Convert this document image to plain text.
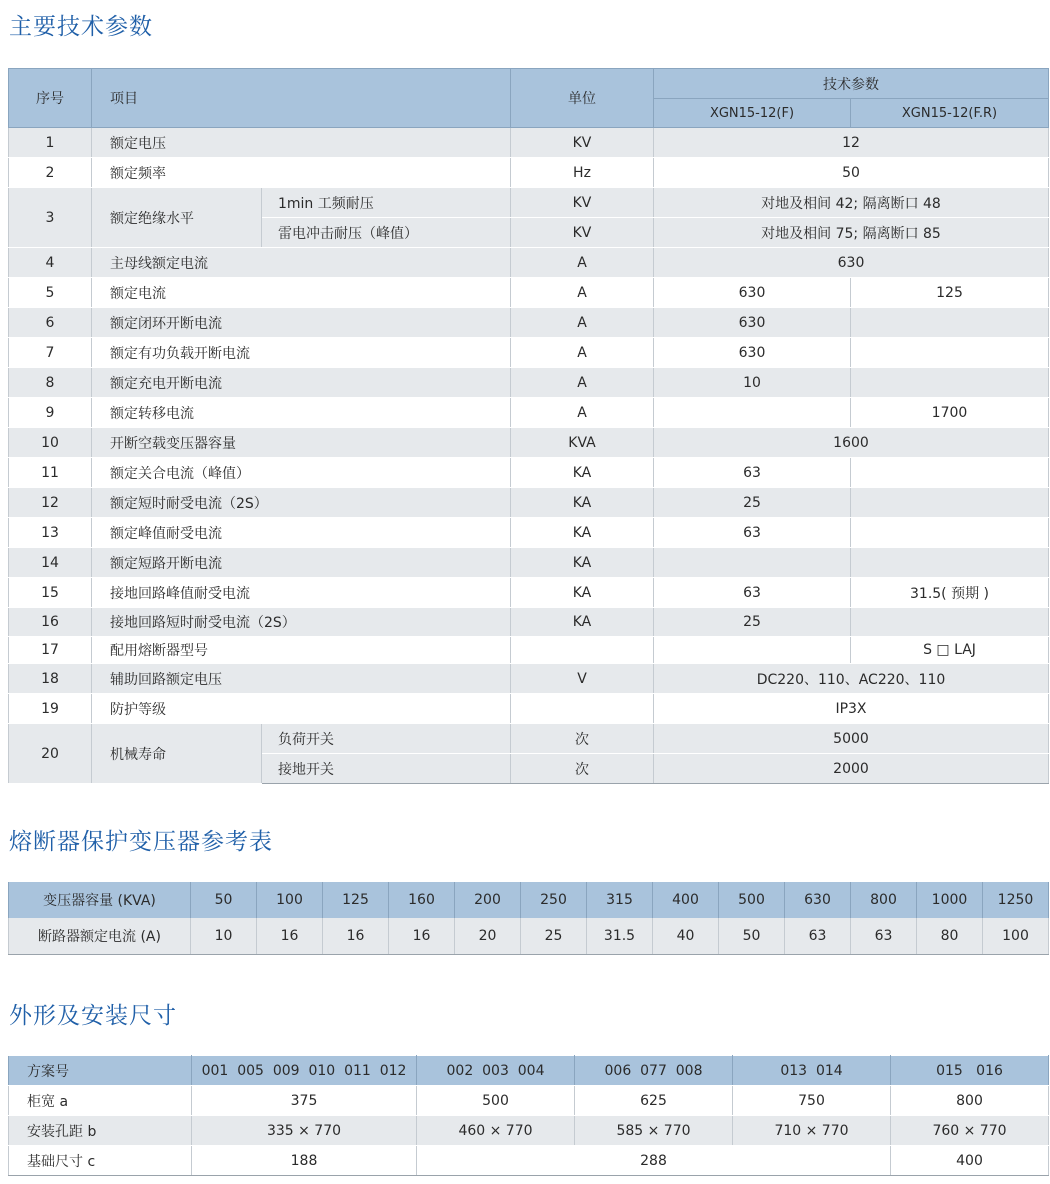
主要技术参数
序号	项目		单位	技术参数	
				XGN15-12(F)	XGN15-12(F.R)
1	额定电压		KV	12	
2	额定频率		Hz	50	
3	额定绝缘水平	1min 工频耐压	KV	对地及相间 42; 隔离断口 48	
		雷电冲击耐压（峰值）	KV	对地及相间 75; 隔离断口 85	
4	主母线额定电流		A	630	
5	额定电流		A	630	125
6	额定闭环开断电流		A	630	
7	额定有功负载开断电流		A	630	
8	额定充电开断电流		A	10	
9	额定转移电流		A		1700
10	开断空载变压器容量		KVA	1600	
11	额定关合电流（峰值）		KA	63	
12	额定短时耐受电流（2S）		KA	25	
13	额定峰值耐受电流		KA	63	
14	额定短路开断电流		KA		
15	接地回路峰值耐受电流		KA	63	31.5( 预期 )
16	接地回路短时耐受电流（2S）		KA	25	
17	配用熔断器型号				S □ LAJ
18	辅助回路额定电压		V	DC220、110、AC220、110	
19	防护等级			IP3X	
20	机械寿命	负荷开关	次	5000	
		接地开关	次	2000	
熔断器保护变压器参考表
变压器容量 (KVA)	50	100	125	160	200	250	315	400	500	630	800	1000	1250
断路器额定电流 (A)	10	16	16	16	20	25	31.5	40	50	63	63	80	100
外形及安装尺寸
方案号	001  005  009  010  011  012	002  003  004	006  077  008	013  014	015   016
柜宽 a	375	500	625	750	800
安装孔距 b	335 × 770	460 × 770	585 × 770	710 × 770	760 × 770
基础尺寸 c	188	288			400
